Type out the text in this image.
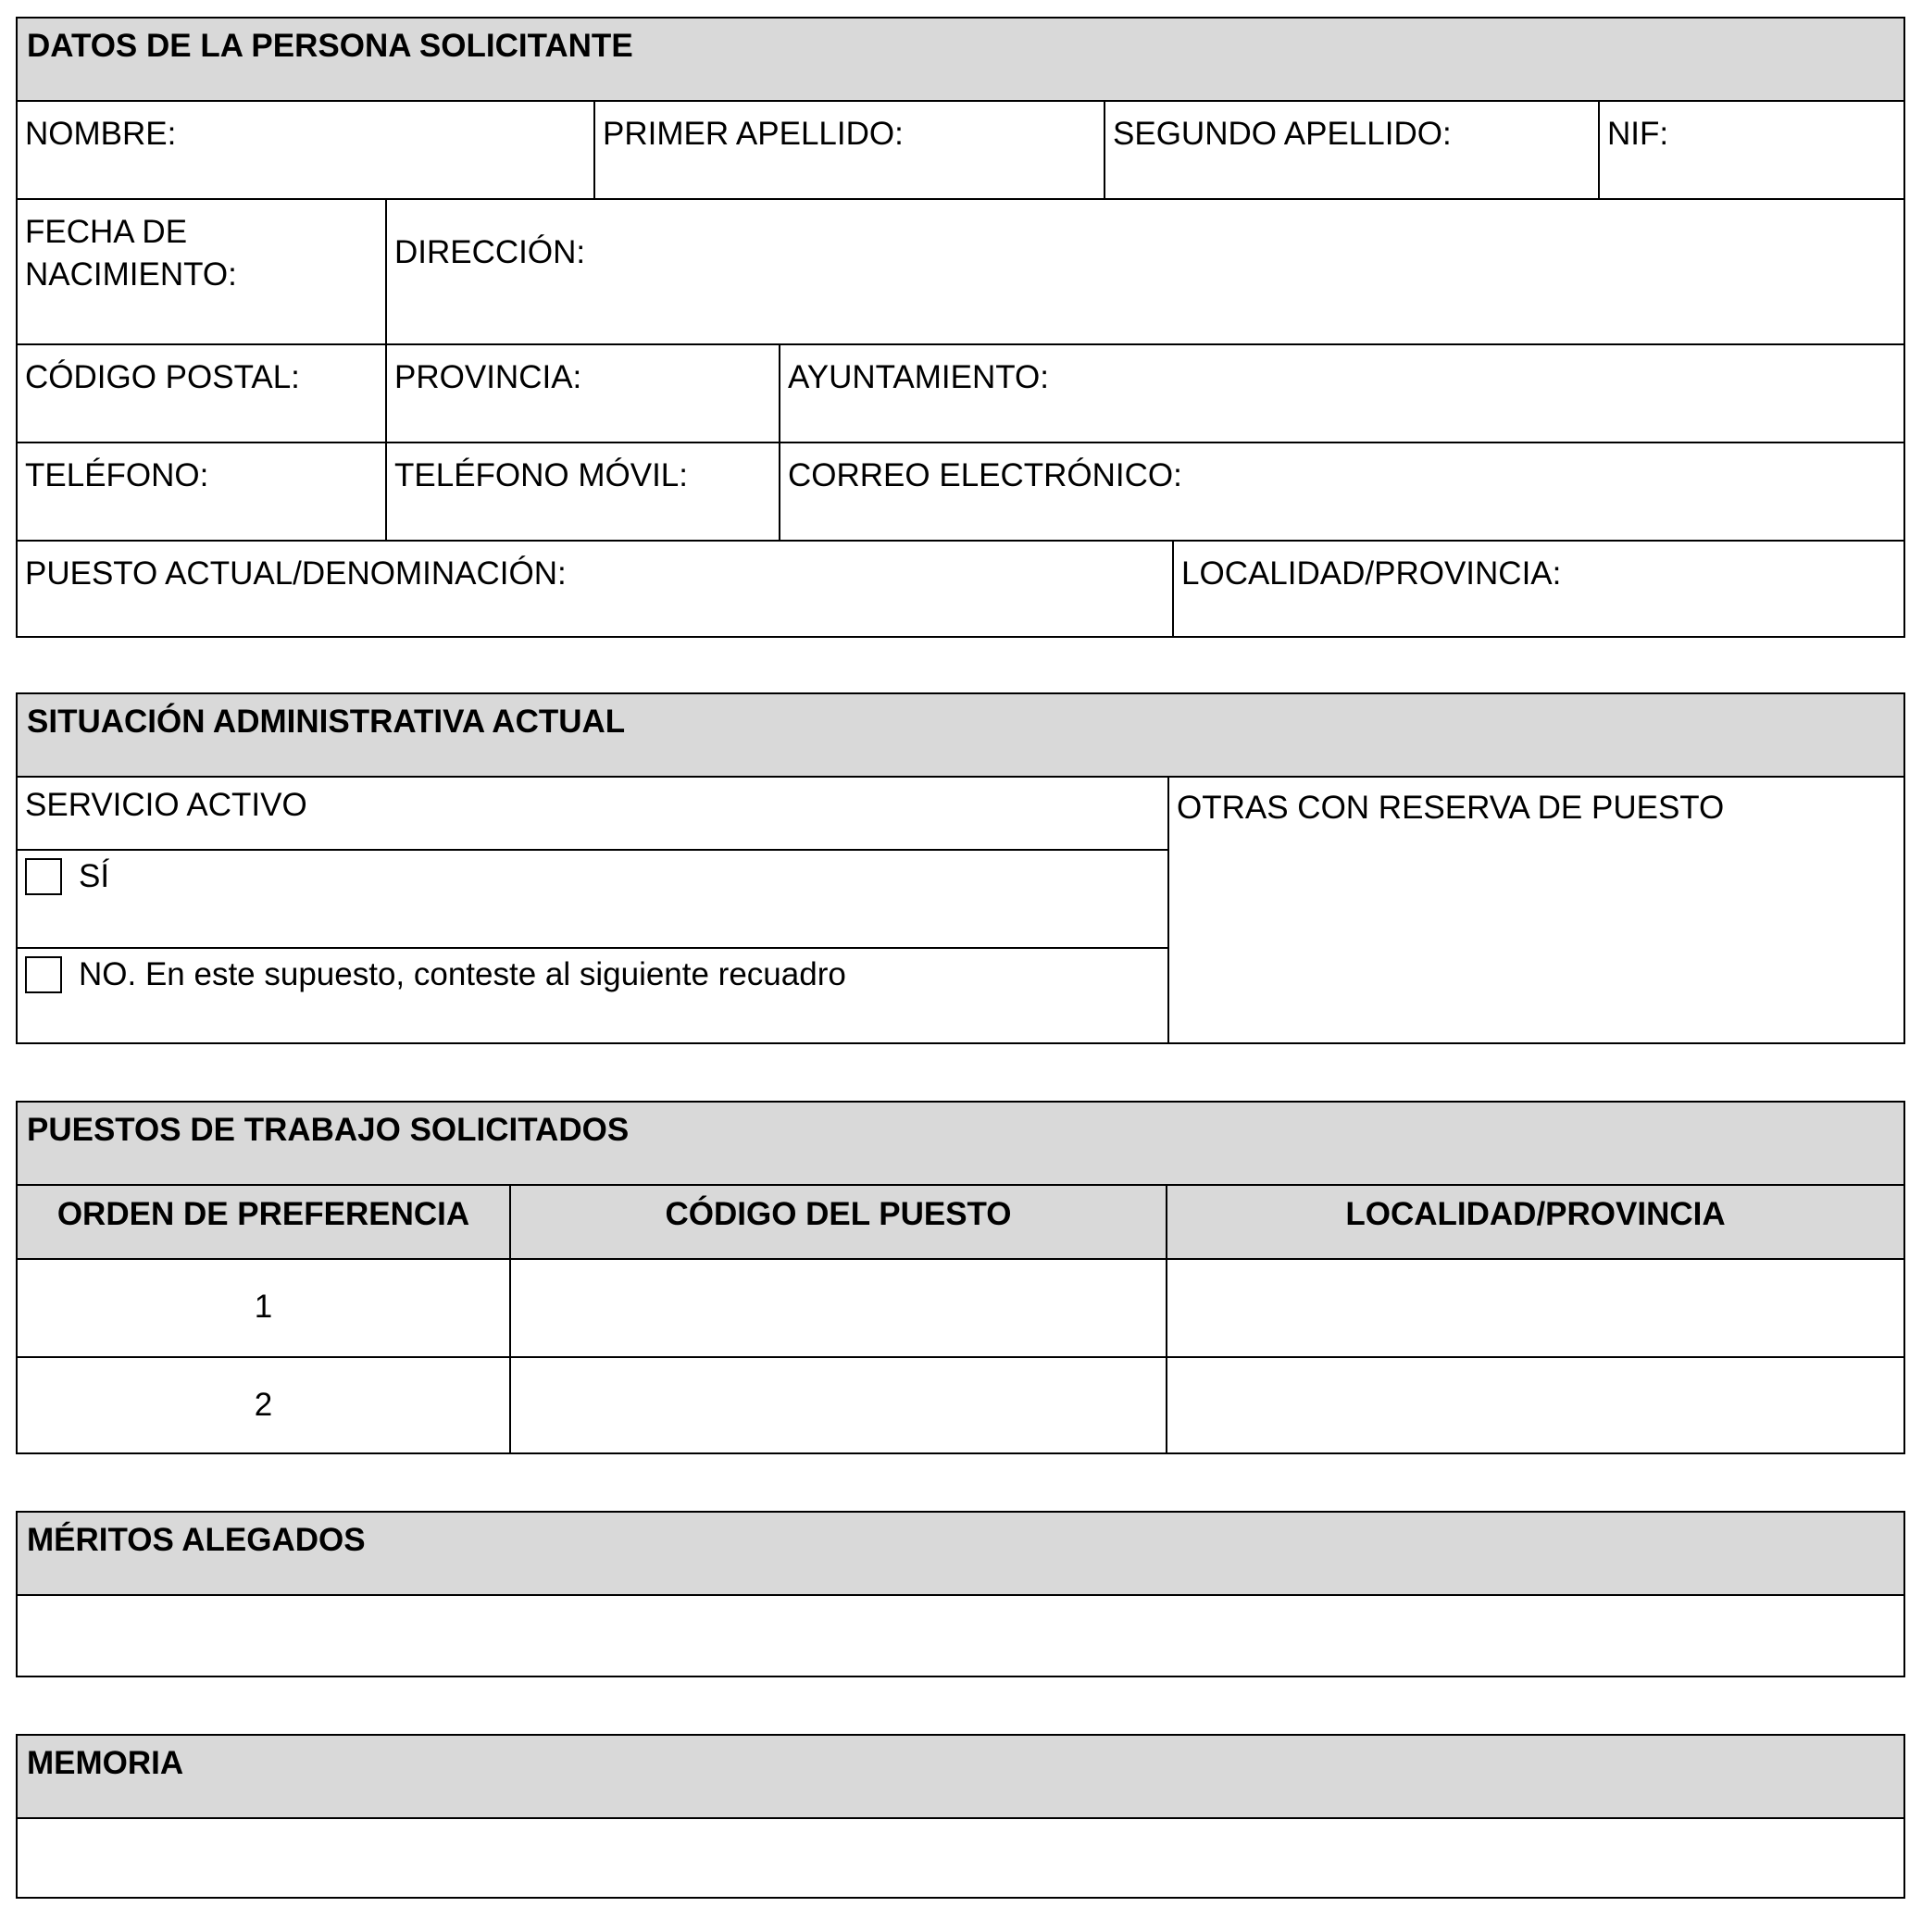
DATOS DE LA PERSONA SOLICITANTE
NOMBRE:	PRIMER APELLIDO:	SEGUNDO APELLIDO:	NIF:
FECHA DE
NACIMIENTO:
DIRECCIÓN:
CÓDIGO POSTAL:	PROVINCIA:	AYUNTAMIENTO:
TELÉFONO:	TELÉFONO MÓVIL:	CORREO ELECTRÓNICO:
PUESTO ACTUAL/DENOMINACIÓN:	LOCALIDAD/PROVINCIA:
SITUACIÓN ADMINISTRATIVA ACTUAL
SERVICIO ACTIVO
SÍ
NO. En este supuesto, conteste al siguiente recuadro
OTRAS CON RESERVA DE PUESTO
PUESTOS DE TRABAJO SOLICITADOS
ORDEN DE PREFERENCIA	CÓDIGO DEL PUESTO	LOCALIDAD/PROVINCIA
1
2
MÉRITOS ALEGADOS
MEMORIA
